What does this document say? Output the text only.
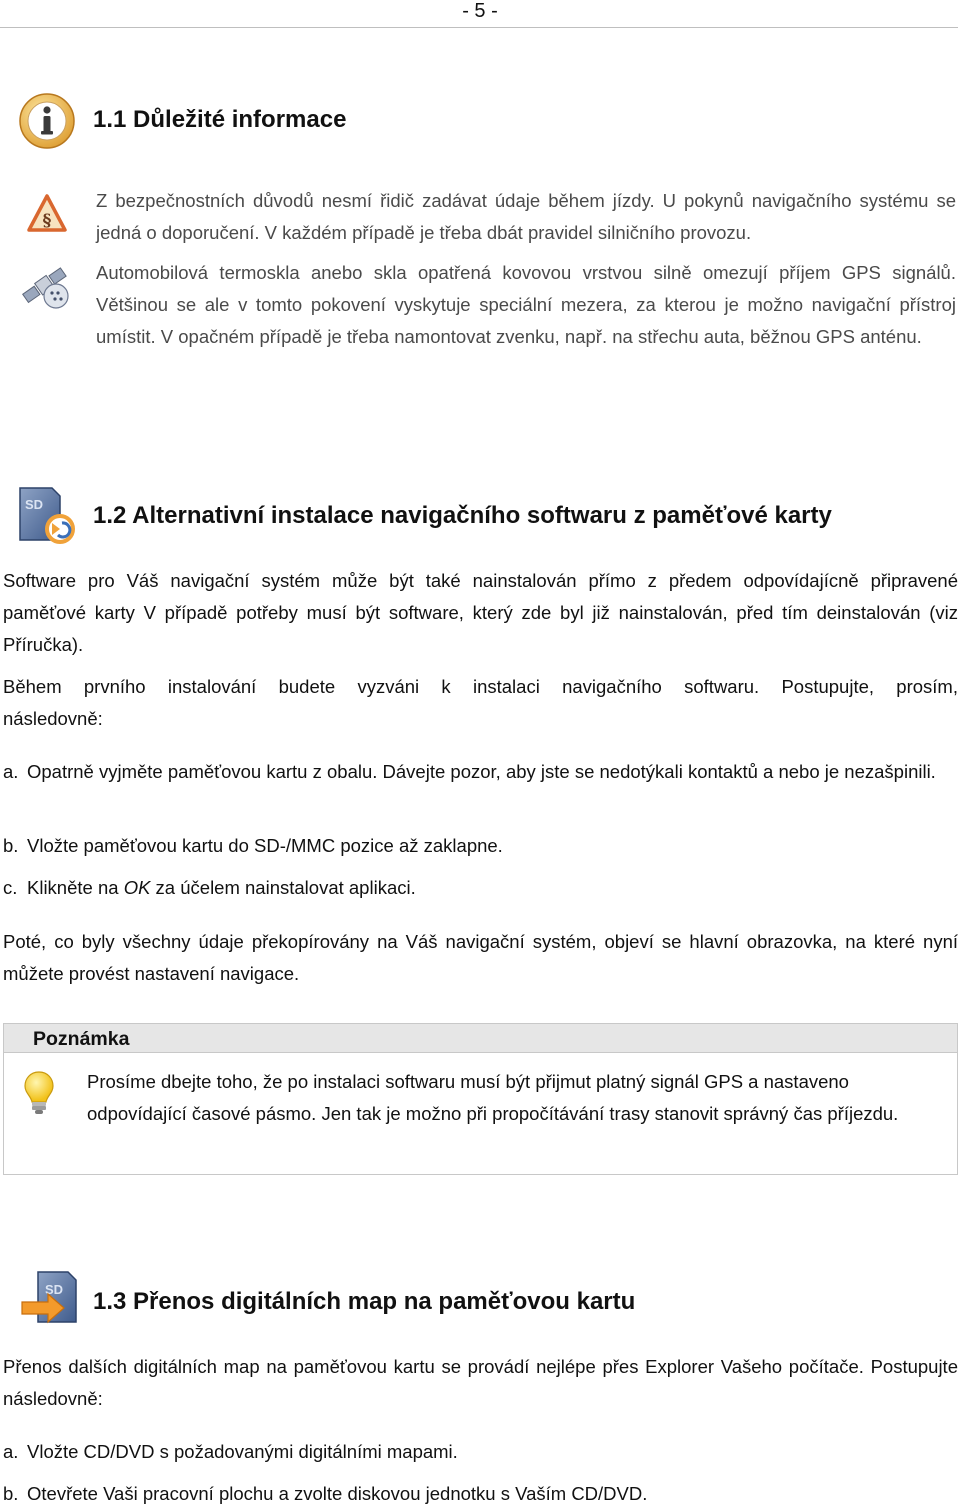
- 5 -
1.1 Důležité informace
§

Z bezpečnostních důvodů nesmí řidič zadávat údaje během jízdy. U pokynů navigačního systému se jedná o doporučení. V každém případě je třeba dbát pravidel silničního provozu.

Automobilová termoskla anebo skla opatřená kovovou vrstvou silně omezují příjem GPS signálů. Většinou se ale v tomto pokovení vyskytuje speciální mezera, za kterou je možno navigační přístroj umístit. V opačném případě je třeba namontovat zvenku, např. na střechu auta, běžnou GPS anténu.

SD 1.2 Alternativní instalace navigačního softwaru z paměťové karty

Software pro Váš navigační systém může být také nainstalován přímo z předem odpovídajícně připravené paměťové karty V případě potřeby musí být software, který zde byl již nainstalován, před tím deinstalován (viz Příručka).

Během prvního instalování budete vyzváni k instalaci navigačního softwaru. Postupujte, prosím,

následovně:

a. Opatrně vyjměte paměťovou kartu z obalu. Dávejte pozor, aby jste se nedotýkali kontaktů a nebo je nezašpinili.
b. Vložte paměťovou kartu do SD-/MMC pozice až zaklapne.
c. Klikněte na OK za účelem nainstalovat aplikaci.

Poté, co byly všechny údaje překopírovány na Váš navigační systém, objeví se hlavní obrazovka, na které nyní můžete provést nastavení navigace.

Poznámka

Prosíme dbejte toho, že po instalaci softwaru musí být přijmut platný signál GPS a nastaveno odpovídající časové pásmo. Jen tak je možno při propočítávání trasy stanovit správný čas příjezdu.

SD 1.3 Přenos digitálních map na paměťovou kartu

Přenos dalších digitálních map na paměťovou kartu se provádí nejlépe přes Explorer Vašeho počítače. Postupujte následovně:

a. Vložte CD/DVD s požadovanými digitálními mapami.
b. Otevřete Vaši pracovní plochu a zvolte diskovou jednotku s Vaším CD/DVD.
